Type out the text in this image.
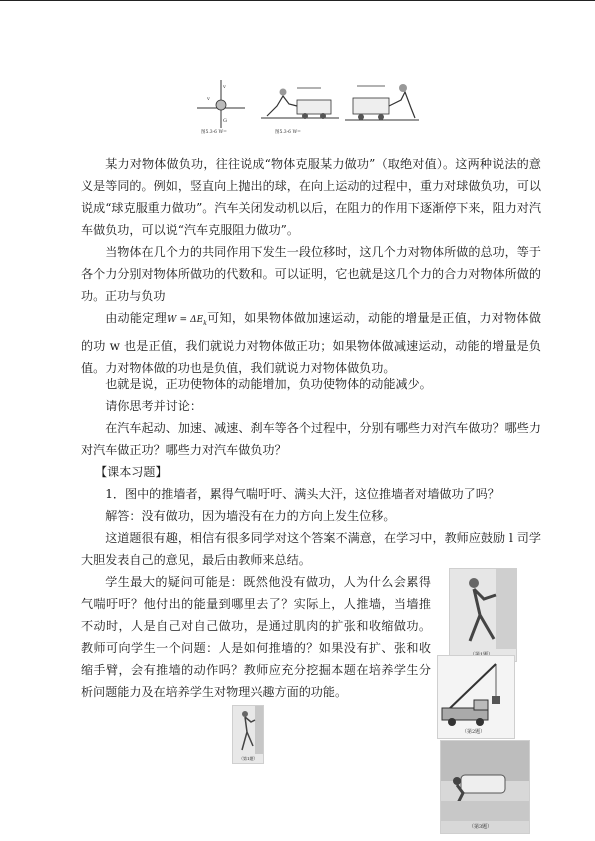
v
v
G
图5.3-6 W=	图5.3-6 W=

某力对物体做负功，往往说成“物体克服某力做功”（取绝对值）。这两种说法的意义是等同的。例如，竖直向上抛出的球，在向上运动的过程中，重力对球做负功，可以说成“球克服重力做功”。汽车关闭发动机以后，在阻力的作用下逐渐停下来，阻力对汽车做负功，可以说“汽车克服阻力做功”。

当物体在几个力的共同作用下发生一段位移时，这几个力对物体所做的总功，等于各个力分别对物体所做功的代数和。可以证明，它也就是这几个力的合力对物体所做的功。 正功与负功

由动能定理$W = \Delta E_k$可知，如果物体做加速运动，动能的增量是正值，力对物体做的功 w 也是正值，我们就说力对物体做正功；如果物体做减速运动，动能的增量是负值。力对物体做的功也是负值，我们就说力对物体做负功。

也就是说，正功使物体的动能增加，负功使物体的动能减少。

请你思考并讨论：

在汽车起动、加速、减速、刹车等各个过程中，分别有哪些力对汽车做功？哪些力对汽车做正功？哪些力对汽车做负功？

【课本习题】

1．图中的推墙者，累得气喘吁吁、满头大汗，这位推墙者对墙做功了吗？

解答：没有做功，因为墙没有在力的方向上发生位移。

这道题很有趣，相信有很多同学对这个答案不满意，在学习中，教师应鼓励 l 司学大胆发表自己的意见，最后由教师来总结。

学生最大的疑问可能是：既然他没有做功，人为什么会累得气喘吁吁？他付出的能量到哪里去了？实际上，人推墙，当墙推不动时，人是自己对自己做功，是通过肌肉的扩张和收缩做功。教师可向学生一个问题：人是如何推墙的？如果没有扩、张和收缩手臂，会有推墙的动作吗？教师应充分挖掘本题在培养学生分析问题能力及在培养学生对物理兴趣方面的功能。

（第2题）
（第3题）
（第1题）
